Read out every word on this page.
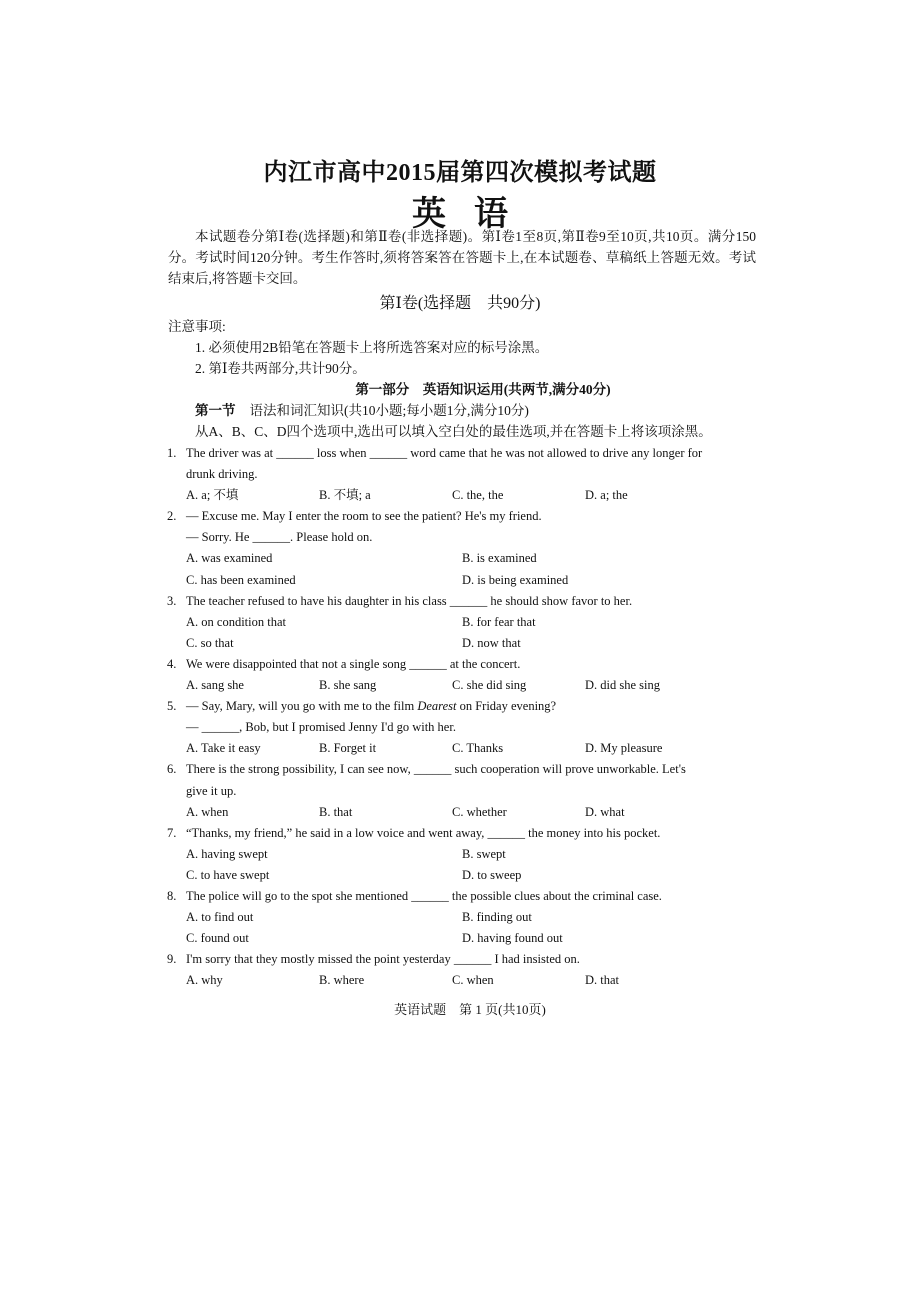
内江市高中2015届第四次模拟考试题
英语
本试题卷分第Ⅰ卷(选择题)和第Ⅱ卷(非选择题)。第Ⅰ卷1至8页,第Ⅱ卷9至10页,共10页。满分150分。考试时间120分钟。考生作答时,须将答案答在答题卡上,在本试题卷、草稿纸上答题无效。考试结束后,将答题卡交回。
第Ⅰ卷(选择题　共90分)
注意事项:
1. 必须使用2B铅笔在答题卡上将所选答案对应的标号涂黑。
2. 第Ⅰ卷共两部分,共计90分。
第一部分　英语知识运用(共两节,满分40分)
第一节 语法和词汇知识(共10小题;每小题1分,满分10分)
从A、B、C、D四个选项中,选出可以填入空白处的最佳选项,并在答题卡上将该项涂黑。
1. The driver was at ______ loss when ______ word came that he was not allowed to drive any longer for
drunk driving.
A. a; 不填	B. 不填; a	C. the, the	D. a; the
2. — Excuse me. May I enter the room to see the patient? He's my friend.
— Sorry. He ______. Please hold on.
A. was examined	B. is examined
C. has been examined	D. is being examined
3. The teacher refused to have his daughter in his class ______ he should show favor to her.
A. on condition that	B. for fear that
C. so that	D. now that
4. We were disappointed that not a single song ______ at the concert.
A. sang she	B. she sang	C. she did sing	D. did she sing
5. — Say, Mary, will you go with me to the film Dearest on Friday evening?
— ______, Bob, but I promised Jenny I'd go with her.
A. Take it easy	B. Forget it	C. Thanks	D. My pleasure
6. There is the strong possibility, I can see now, ______ such cooperation will prove unworkable. Let's
give it up.
A. when	B. that	C. whether	D. what
7. “Thanks, my friend,” he said in a low voice and went away, ______ the money into his pocket.
A. having swept	B. swept
C. to have swept	D. to sweep
8. The police will go to the spot she mentioned ______ the possible clues about the criminal case.
A. to find out	B. finding out
C. found out	D. having found out
9. I'm sorry that they mostly missed the point yesterday ______ I had insisted on.
A. why	B. where	C. when	D. that
英语试题　第 1 页(共10页)
